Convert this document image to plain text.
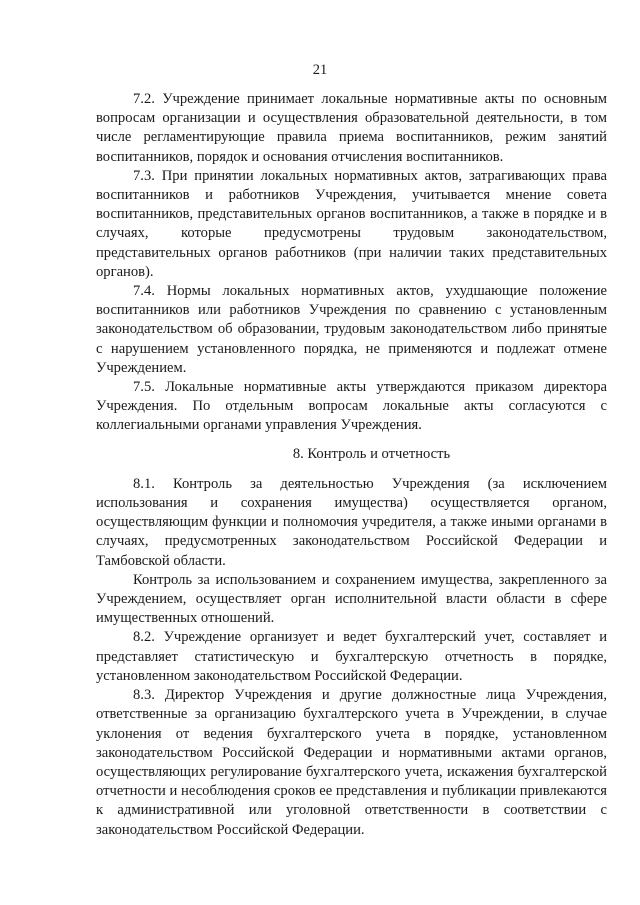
21

7.2. Учреждение принимает локальные нормативные акты по основным вопросам организации и осуществления образовательной деятельности, в том числе регламентирующие правила приема воспитанников, режим занятий воспитанников, порядок и основания отчисления воспитанников.

7.3. При принятии локальных нормативных актов, затрагивающих права воспитанников и работников Учреждения, учитывается мнение совета воспитанников, представительных органов воспитанников, а также в порядке и в случаях, которые предусмотрены трудовым законодательством, представительных органов работников (при наличии таких представительных органов).

7.4. Нормы локальных нормативных актов, ухудшающие положение воспитанников или работников Учреждения по сравнению с установленным законодательством об образовании, трудовым законодательством либо принятые с нарушением установленного порядка, не применяются и подлежат отмене Учреждением.

7.5. Локальные нормативные акты утверждаются приказом директора Учреждения. По отдельным вопросам локальные акты согласуются с коллегиальными органами управления Учреждения.

8. Контроль и отчетность

8.1. Контроль за деятельностью Учреждения (за исключением использования и сохранения имущества) осуществляется органом, осуществляющим функции и полномочия учредителя, а также иными органами в случаях, предусмотренных законодательством Российской Федерации и Тамбовской области.

Контроль за использованием и сохранением имущества, закрепленного за Учреждением, осуществляет орган исполнительной власти области в сфере имущественных отношений.

8.2. Учреждение организует и ведет бухгалтерский учет, составляет и представляет статистическую и бухгалтерскую отчетность в порядке, установленном законодательством Российской Федерации.

8.3. Директор Учреждения и другие должностные лица Учреждения, ответственные за организацию бухгалтерского учета в Учреждении, в случае уклонения от ведения бухгалтерского учета в порядке, установленном законодательством Российской Федерации и нормативными актами органов, осуществляющих регулирование бухгалтерского учета, искажения бухгалтерской отчетности и несоблюдения сроков ее представления и публикации привлекаются к административной или уголовной ответственности в соответствии с законодательством Российской Федерации.
